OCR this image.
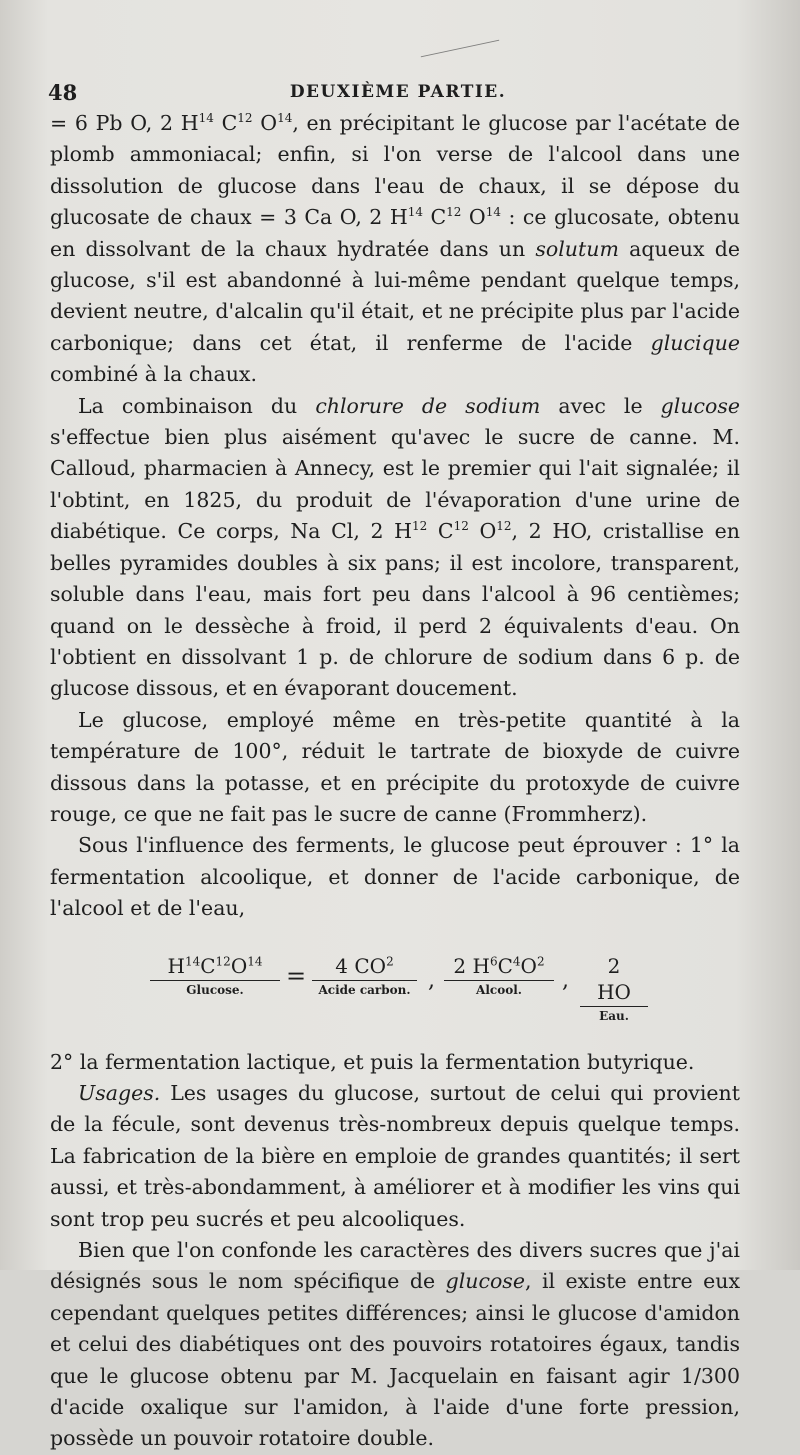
48	DEUXIÈME PARTIE.

= 6 Pb O, 2 $H^{14}$ $C^{12}$ $O^{14}$, en précipitant le glucose par l'acétate de plomb ammoniacal; enfin, si l'on verse de l'alcool dans une dissolution de glucose dans l'eau de chaux, il se dépose du glucosate de chaux = 3 Ca O, 2 $H^{14}$ $C^{12}$ $O^{14}$ : ce glucosate, obtenu en dissolvant de la chaux hydratée dans un solutum aqueux de glucose, s'il est abandonné à lui-même pendant quelque temps, devient neutre, d'alcalin qu'il était, et ne précipite plus par l'acide carbonique; dans cet état, il renferme de l'acide glucique combiné à la chaux.

La combinaison du chlorure de sodium avec le glucose s'effectue bien plus aisément qu'avec le sucre de canne. M. Calloud, pharmacien à Annecy, est le premier qui l'ait signalée; il l'obtint, en 1825, du produit de l'évaporation d'une urine de diabétique. Ce corps, Na Cl, 2 $H^{12}$ $C^{12}$ $O^{12}$, 2 HO, cristallise en belles pyramides doubles à six pans; il est incolore, transparent, soluble dans l'eau, mais fort peu dans l'alcool à 96 centièmes; quand on le dessèche à froid, il perd 2 équivalents d'eau. On l'obtient en dissolvant 1 p. de chlorure de sodium dans 6 p. de glucose dissous, et en évaporant doucement.

Le glucose, employé même en très-petite quantité à la température de 100°, réduit le tartrate de bioxyde de cuivre dissous dans la potasse, et en précipite du protoxyde de cuivre rouge, ce que ne fait pas le sucre de canne (Frommherz).

Sous l'influence des ferments, le glucose peut éprouver : 1° la fermentation alcoolique, et donner de l'acide carbonique, de l'alcool et de l'eau,

$H^{14}C^{12}O^{14}$
Glucose.	=	4 $CO^2$
Acide carbon. ,
2 $H^6C^4O^2$
Alcool.	,
2 HO
Eau.

2° la fermentation lactique, et puis la fermentation butyrique.

Usages. Les usages du glucose, surtout de celui qui provient de la fécule, sont devenus très-nombreux depuis quelque temps. La fabrication de la bière en emploie de grandes quantités; il sert aussi, et très-abondamment, à améliorer et à modifier les vins qui sont trop peu sucrés et peu alcooliques.

Bien que l'on confonde les caractères des divers sucres que j'ai désignés sous le nom spécifique de glucose, il existe entre eux cependant quelques petites différences; ainsi le glucose d'amidon et celui des diabétiques ont des pouvoirs rotatoires égaux, tandis que le glucose obtenu par M. Jacquelain en faisant agir 1/300 d'acide oxalique sur l'amidon, à l'aide d'une forte pression, possède un pouvoir rotatoire double.
